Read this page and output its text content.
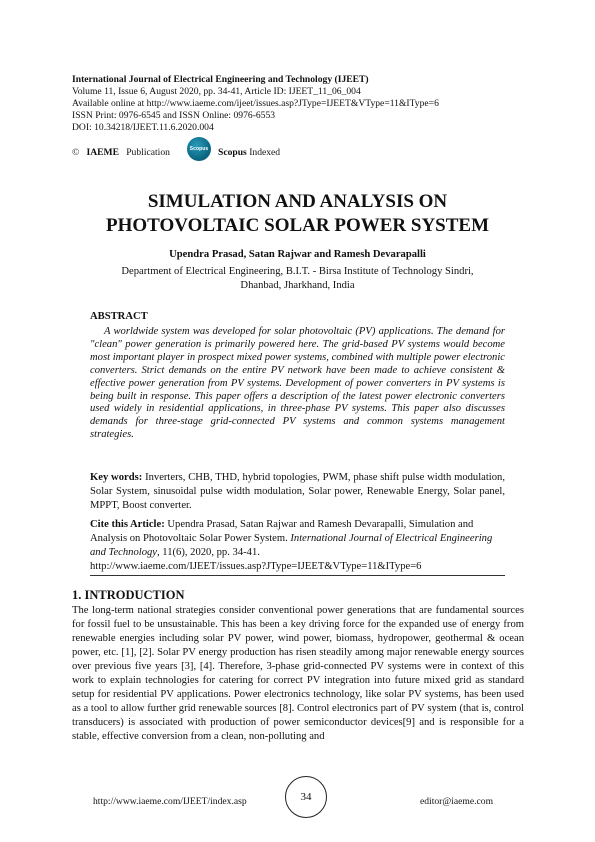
International Journal of Electrical Engineering and Technology (IJEET)
Volume 11, Issue 6, August 2020, pp. 34-41, Article ID: IJEET_11_06_004
Available online at http://www.iaeme.com/ijeet/issues.asp?JType=IJEET&VType=11&IType=6
ISSN Print: 0976-6545 and ISSN Online: 0976-6553
DOI: 10.34218/IJEET.11.6.2020.004
© IAEME Publication	Scopus Scopus Indexed
SIMULATION AND ANALYSIS ON
PHOTOVOLTAIC SOLAR POWER SYSTEM
Upendra Prasad, Satan Rajwar and Ramesh Devarapalli
Department of Electrical Engineering, B.I.T. - Birsa Institute of Technology Sindri,
Dhanbad, Jharkhand, India
ABSTRACT
A worldwide system was developed for solar photovoltaic (PV) applications. The demand for "clean" power generation is primarily powered here. The grid-based PV systems would become most important player in prospect mixed power systems, combined with multiple power electronic converters. Strict demands on the entire PV network have been made to achieve consistent & effective power generation from PV systems. Development of power converters in PV systems is being built in response. This paper offers a description of the latest power electronic converters used widely in residential applications, in three-phase PV systems. This paper also discusses demands for three-stage grid-connected PV systems and common systems management strategies.
Key words: Inverters, CHB, THD, hybrid topologies, PWM, phase shift pulse width modulation, Solar System, sinusoidal pulse width modulation, Solar power, Renewable Energy, Solar panel, MPPT, Boost converter.
Cite this Article: Upendra Prasad, Satan Rajwar and Ramesh Devarapalli, Simulation and Analysis on Photovoltaic Solar Power System. International Journal of Electrical Engineering and Technology, 11(6), 2020, pp. 34-41.
http://www.iaeme.com/IJEET/issues.asp?JType=IJEET&VType=11&IType=6
1. INTRODUCTION
The long-term national strategies consider conventional power generations that are fundamental sources for fossil fuel to be unsustainable. This has been a key driving force for the expanded use of energy from renewable energies including solar PV power, wind power, biomass, hydropower, geothermal & ocean power, etc. [1], [2]. Solar PV energy production has risen steadily among major renewable energy sources over previous five years [3], [4]. Therefore, 3-phase grid-connected PV systems were in context of this work to explain technologies for catering for correct PV integration into future mixed grid as standard setup for residential PV applications. Power electronics technology, like solar PV systems, has been used as a tool to allow further grid renewable sources [8]. Control electronics part of PV system (that is, control transducers) is associated with production of power semiconductor devices[9] and is responsible for a stable, effective conversion from a clean, non-polluting and
http://www.iaeme.com/IJEET/index.asp	34	editor@iaeme.com
